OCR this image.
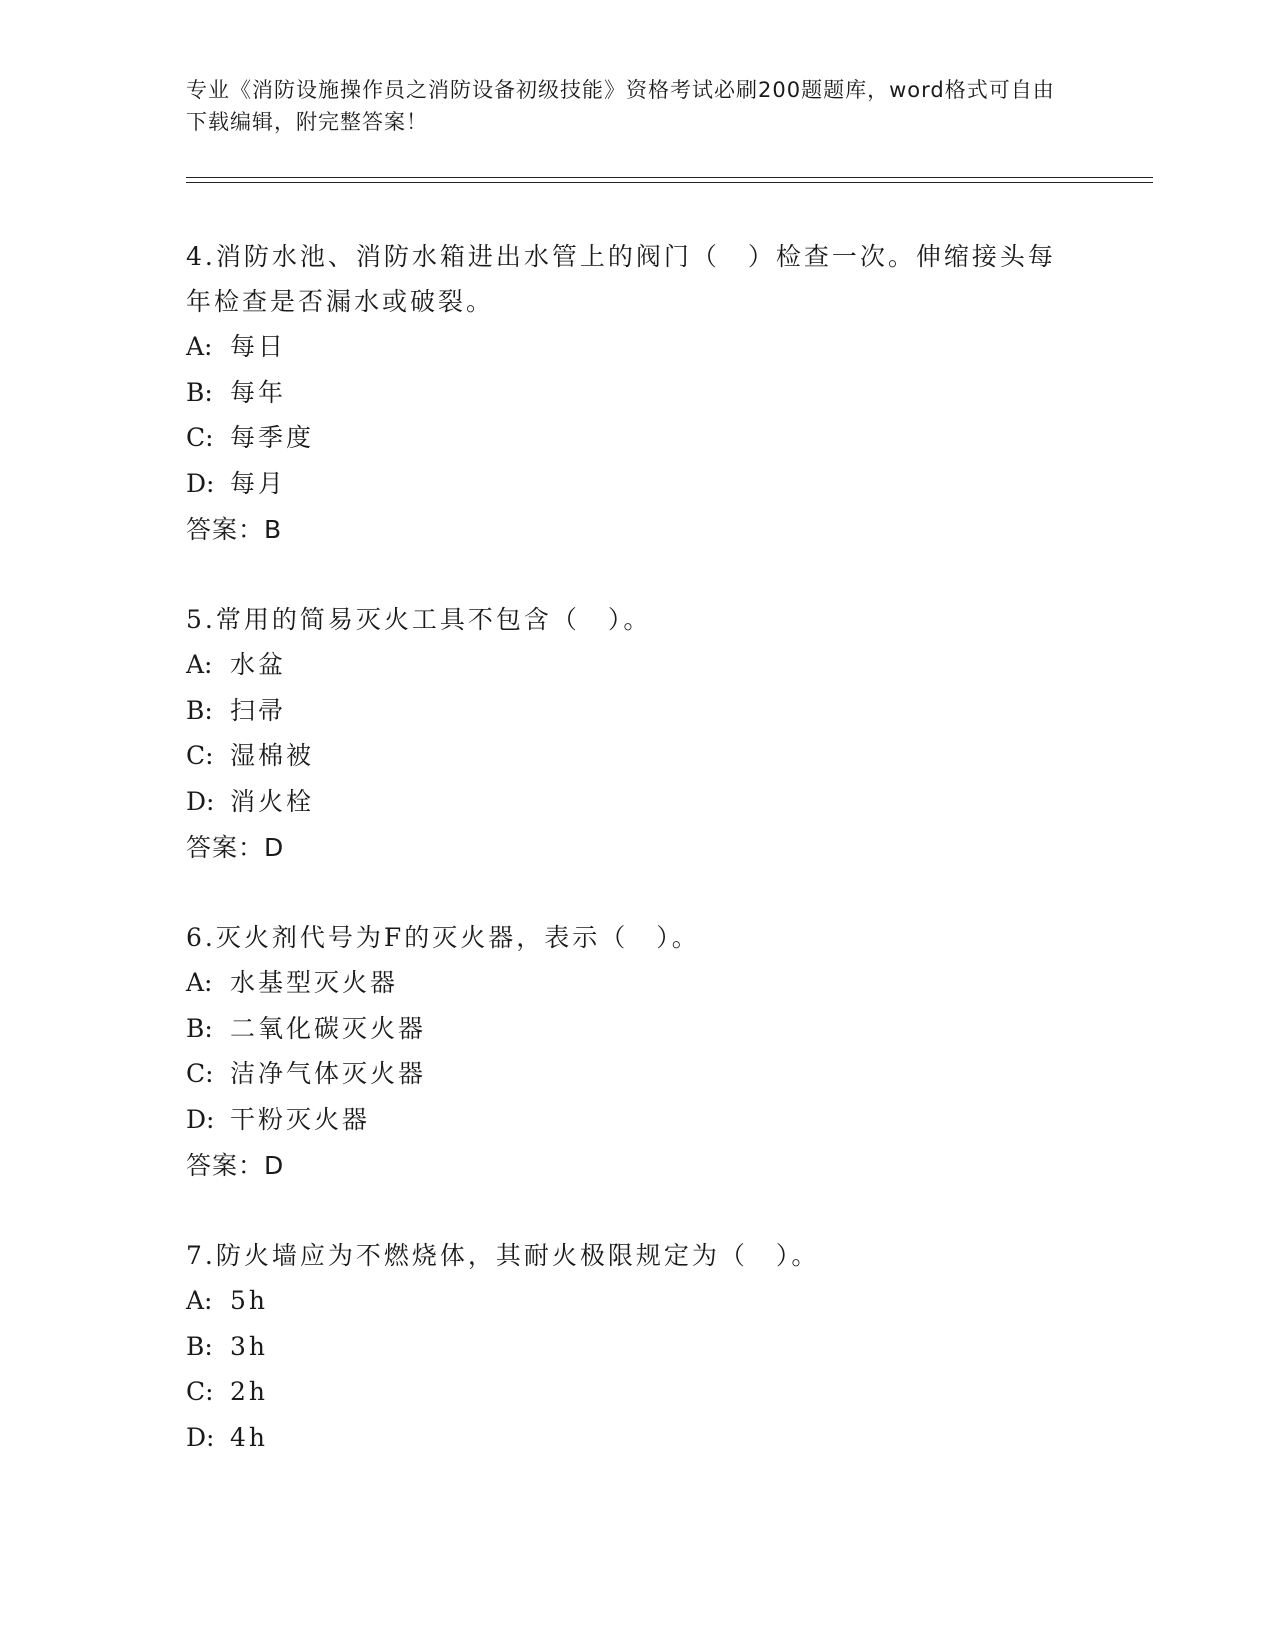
专业《消防设施操作员之消防设备初级技能》资格考试必刷200题题库，word格式可自由下载编辑，附完整答案！
4.消防水池、消防水箱进出水管上的阀门（　）检查一次。伸缩接头每年检查是否漏水或破裂。
A: 每日
B: 每年
C: 每季度
D: 每月
答案：B
5.常用的简易灭火工具不包含（　）。
A: 水盆
B: 扫帚
C: 湿棉被
D: 消火栓
答案：D
6.灭火剂代号为F的灭火器，表示（　）。
A: 水基型灭火器
B: 二氧化碳灭火器
C: 洁净气体灭火器
D: 干粉灭火器
答案：D
7.防火墙应为不燃烧体，其耐火极限规定为（　）。
A: 5h
B: 3h
C: 2h
D: 4h
